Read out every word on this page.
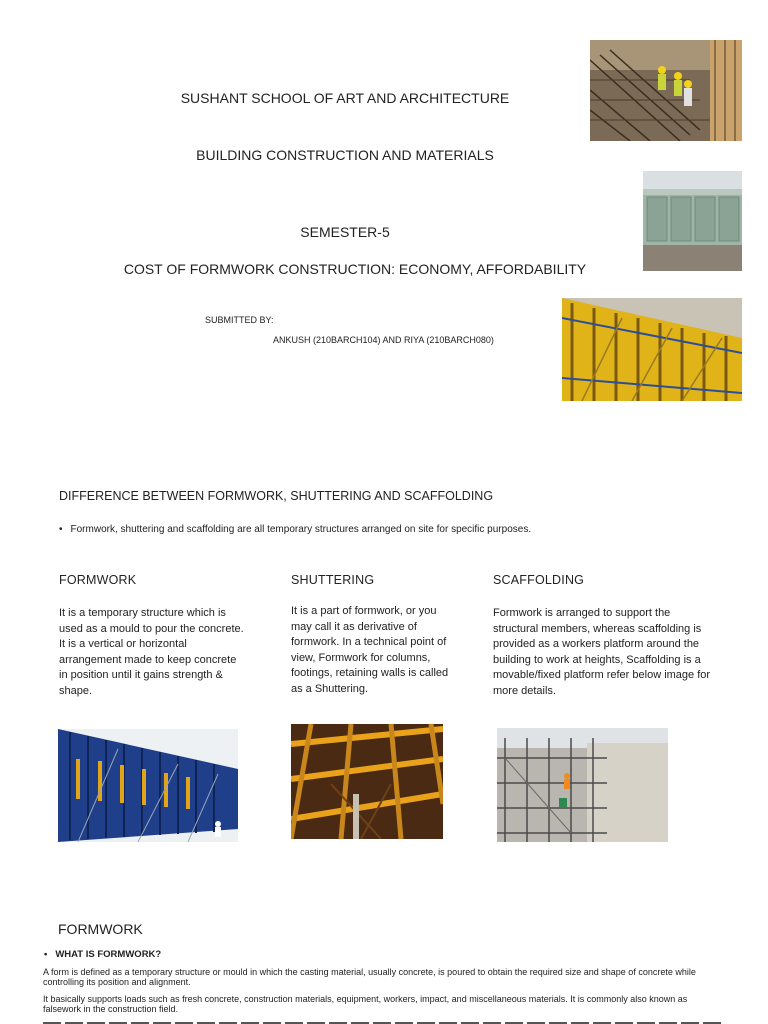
SUSHANT SCHOOL OF ART AND ARCHITECTURE
BUILDING CONSTRUCTION AND MATERIALS
SEMESTER-5
COST OF FORMWORK CONSTRUCTION: ECONOMY, AFFORDABILITY
SUBMITTED BY:
ANKUSH (210BARCH104) AND RIYA (210BARCH080)
DIFFERENCE BETWEEN FORMWORK, SHUTTERING AND SCAFFOLDING
• Formwork, shuttering and scaffolding are all temporary structures arranged on site for specific purposes.
FORMWORK
It is a temporary structure which is used as a mould to pour the concrete. It is a vertical or horizontal arrangement made to keep concrete in position until it gains strength & shape.
SHUTTERING
It is a part of formwork, or you may call it as derivative of formwork. In a technical point of view, Formwork for columns, footings, retaining walls is called as a Shuttering.
SCAFFOLDING
Formwork is arranged to support the structural members, whereas scaffolding is provided as a workers platform around the building to work at heights, Scaffolding is a movable/fixed platform refer below image for more details.
FORMWORK
• WHAT IS FORMWORK?
A form is defined as a temporary structure or mould in which the casting material, usually concrete, is poured to obtain the required size and shape of concrete while controlling its position and alignment.
It basically supports loads such as fresh concrete, construction materials, equipment, workers, impact, and miscellaneous materials. It is commonly also known as falsework in the construction field.
